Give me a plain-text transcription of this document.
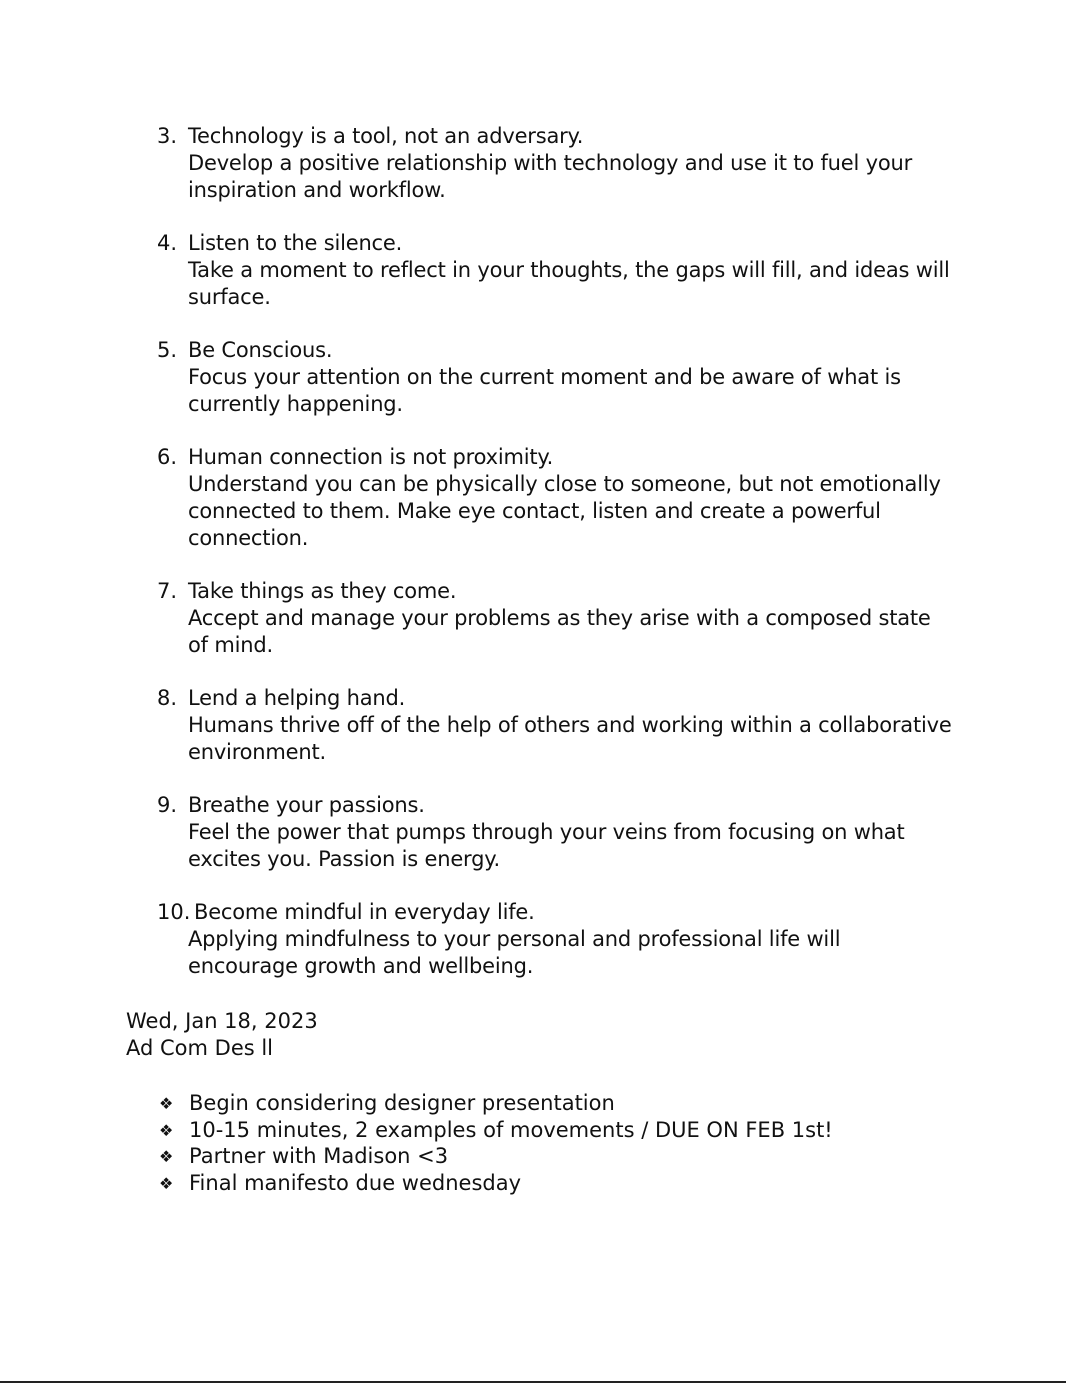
3. Technology is a tool, not an adversary.
Develop a positive relationship with technology and use it to fuel your inspiration and workflow.
4. Listen to the silence.
Take a moment to reflect in your thoughts, the gaps will fill, and ideas will surface.
5. Be Conscious.
Focus your attention on the current moment and be aware of what is currently happening.
6. Human connection is not proximity.
Understand you can be physically close to someone, but not emotionally connected to them. Make eye contact, listen and create a powerful connection.
7. Take things as they come.
Accept and manage your problems as they arise with a composed state of mind.
8. Lend a helping hand.
Humans thrive off of the help of others and working within a collaborative environment.
9. Breathe your passions.
Feel the power that pumps through your veins from focusing on what excites you. Passion is energy.
10. Become mindful in everyday life.
Applying mindfulness to your personal and professional life will encourage growth and wellbeing.
Wed, Jan 18, 2023
Ad Com Des ll
❖ Begin considering designer presentation
❖ 10-15 minutes, 2 examples of movements / DUE ON FEB 1st!
❖ Partner with Madison <3
❖ Final manifesto due wednesday
